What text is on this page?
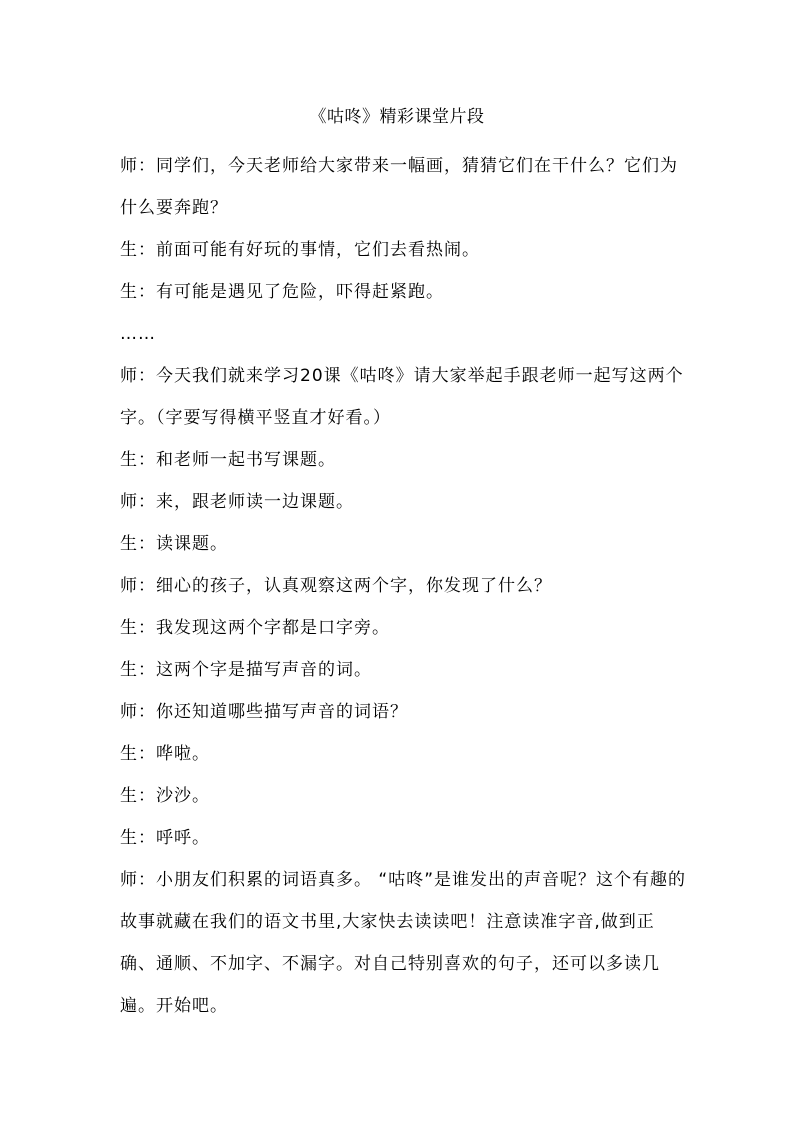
《咕咚》精彩课堂片段

师：同学们，今天老师给大家带来一幅画，猜猜它们在干什么？它们为什么要奔跑？

生：前面可能有好玩的事情，它们去看热闹。

生：有可能是遇见了危险，吓得赶紧跑。

……

师：今天我们就来学习20课《咕咚》请大家举起手跟老师一起写这两个字。（字要写得横平竖直才好看。）

生：和老师一起书写课题。

师：来，跟老师读一边课题。

生：读课题。

师：细心的孩子，认真观察这两个字，你发现了什么？

生：我发现这两个字都是口字旁。

生：这两个字是描写声音的词。

师：你还知道哪些描写声音的词语？

生：哗啦。

生：沙沙。

生：呼呼。

师：小朋友们积累的词语真多。 “咕咚”是谁发出的声音呢？这个有趣的故事就藏在我们的语文书里,大家快去读读吧！注意读准字音,做到正确、通顺、不加字、不漏字。对自己特别喜欢的句子，还可以多读几遍。开始吧。
